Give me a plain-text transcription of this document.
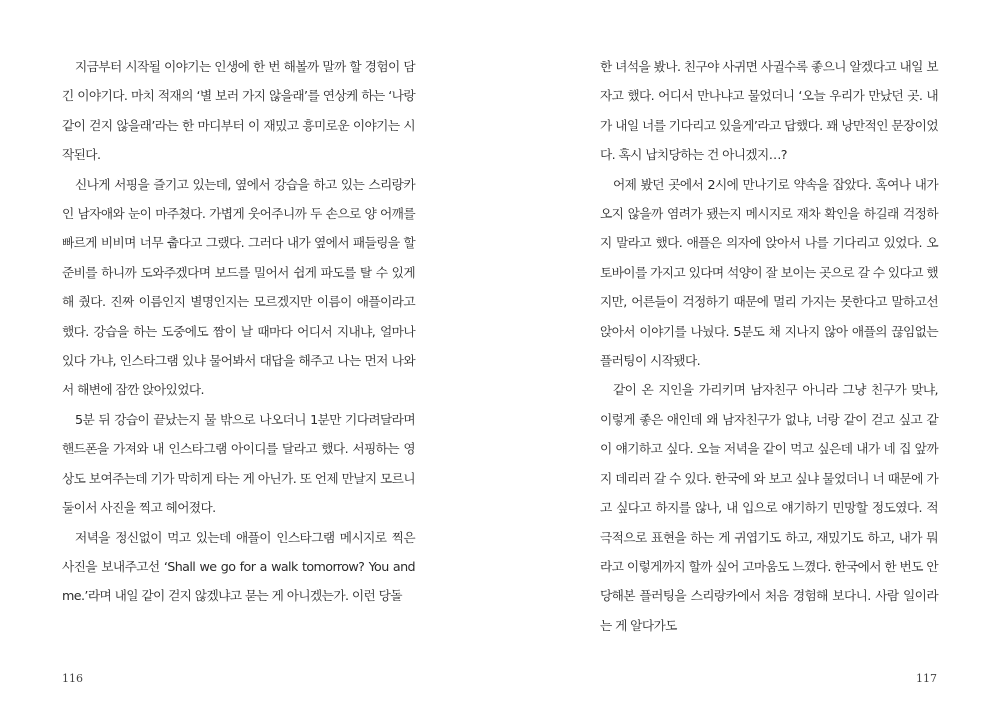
지금부터 시작될 이야기는 인생에 한 번 해볼까 말까 할 경험이 담긴 이야기다. 마치 적재의 ‘별 보러 가지 않을래’를 연상케 하는 ‘나랑 같이 걷지 않을래’라는 한 마디부터 이 재밌고 흥미로운 이야기는 시작된다.

신나게 서핑을 즐기고 있는데, 옆에서 강습을 하고 있는 스리랑카인 남자애와 눈이 마주쳤다. 가볍게 웃어주니까 두 손으로 양 어깨를 빠르게 비비며 너무 춥다고 그랬다. 그러다 내가 옆에서 패들링을 할 준비를 하니까 도와주겠다며 보드를 밀어서 쉽게 파도를 탈 수 있게 해 줬다. 진짜 이름인지 별명인지는 모르겠지만 이름이 애플이라고 했다. 강습을 하는 도중에도 짬이 날 때마다 어디서 지내냐, 얼마나 있다 가냐, 인스타그램 있냐 물어봐서 대답을 해주고 나는 먼저 나와서 해변에 잠깐 앉아있었다.

5분 뒤 강습이 끝났는지 물 밖으로 나오더니 1분만 기다려달라며 핸드폰을 가져와 내 인스타그램 아이디를 달라고 했다. 서핑하는 영상도 보여주는데 기가 막히게 타는 게 아닌가. 또 언제 만날지 모르니 둘이서 사진을 찍고 헤어졌다.

저녁을 정신없이 먹고 있는데 애플이 인스타그램 메시지로 찍은 사진을 보내주고선 ‘Shall we go for a walk tomorrow? You and me.’라며 내일 같이 걷지 않겠냐고 묻는 게 아니겠는가. 이런 당돌

116

한 녀석을 봤나. 친구야 사귀면 사귈수록 좋으니 알겠다고 내일 보자고 했다. 어디서 만나냐고 물었더니 ‘오늘 우리가 만났던 곳. 내가 내일 너를 기다리고 있을게’라고 답했다. 꽤 낭만적인 문장이었다. 혹시 납치당하는 건 아니겠지…?

어제 봤던 곳에서 2시에 만나기로 약속을 잡았다. 혹여나 내가 오지 않을까 염려가 됐는지 메시지로 재차 확인을 하길래 걱정하지 말라고 했다. 애플은 의자에 앉아서 나를 기다리고 있었다. 오토바이를 가지고 있다며 석양이 잘 보이는 곳으로 갈 수 있다고 했지만, 어른들이 걱정하기 때문에 멀리 가지는 못한다고 말하고선 앉아서 이야기를 나눴다. 5분도 채 지나지 않아 애플의 끊임없는 플러팅이 시작됐다.

같이 온 지인을 가리키며 남자친구 아니라 그냥 친구가 맞냐, 이렇게 좋은 애인데 왜 남자친구가 없냐, 너랑 같이 걷고 싶고 같이 얘기하고 싶다. 오늘 저녁을 같이 먹고 싶은데 내가 네 집 앞까지 데리러 갈 수 있다. 한국에 와 보고 싶냐 물었더니 너 때문에 가고 싶다고 하지를 않나, 내 입으로 얘기하기 민망할 정도였다. 적극적으로 표현을 하는 게 귀엽기도 하고, 재밌기도 하고, 내가 뭐라고 이렇게까지 할까 싶어 고마움도 느꼈다. 한국에서 한 번도 안 당해본 플러팅을 스리랑카에서 처음 경험해 보다니. 사람 일이라는 게 알다가도

117
